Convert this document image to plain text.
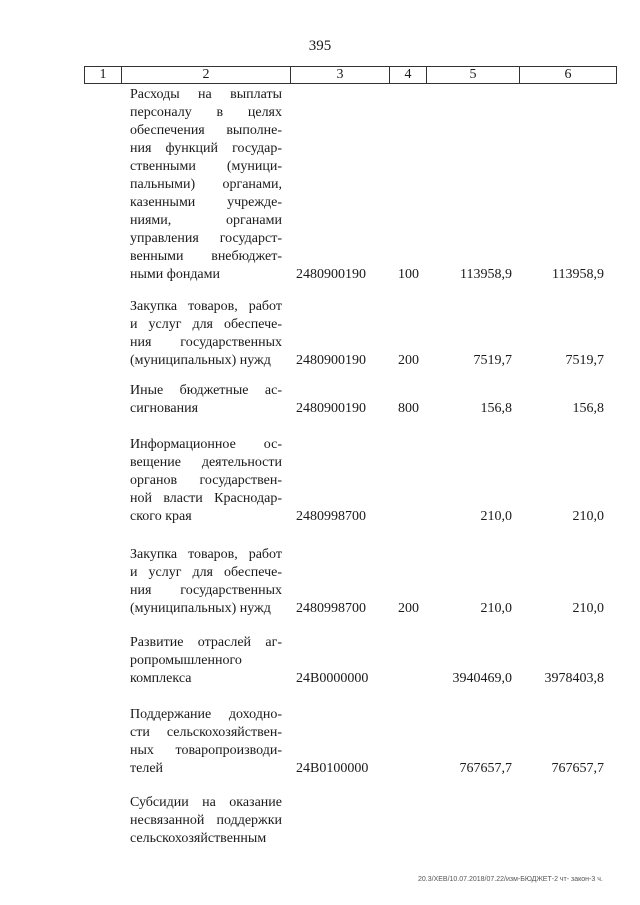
395
1	2	3	4	5	6
Расходы на выплаты
персоналу в целях
обеспечения выполне-
ния функций государ-
ственными (муници-
пальными) органами,
казенными учрежде-
ниями, органами
управления государст-
венными внебюджет-
ными фондами	2480900190 100	113958,9	113958,9
Закупка товаров, работ
и услуг для обеспече-
ния государственных
(муниципальных) нужд	2480900190 200	7519,7	7519,7
Иные бюджетные ас-
сигнования	2480900190 800	156,8	156,8
Информационное ос-
вещение деятельности
органов государствен-
ной власти Краснодар-
ского края	2480998700	210,0	210,0
Закупка товаров, работ
и услуг для обеспече-
ния государственных
(муниципальных) нужд	2480998700 200	210,0	210,0
Развитие отраслей аг-
ропромышленного
комплекса	24В0000000	3940469,0 3978403,8
Поддержание доходно-
сти сельскохозяйствен-
ных товаропроизводи-
телей	24В0100000	767657,7	767657,7
Субсидии на оказание
несвязанной поддержки
сельскохозяйственным
20.3/ХЕВ/10.07.2018/07.22/изм-БЮДЖЕТ-2 чт- закон-3 ч.
